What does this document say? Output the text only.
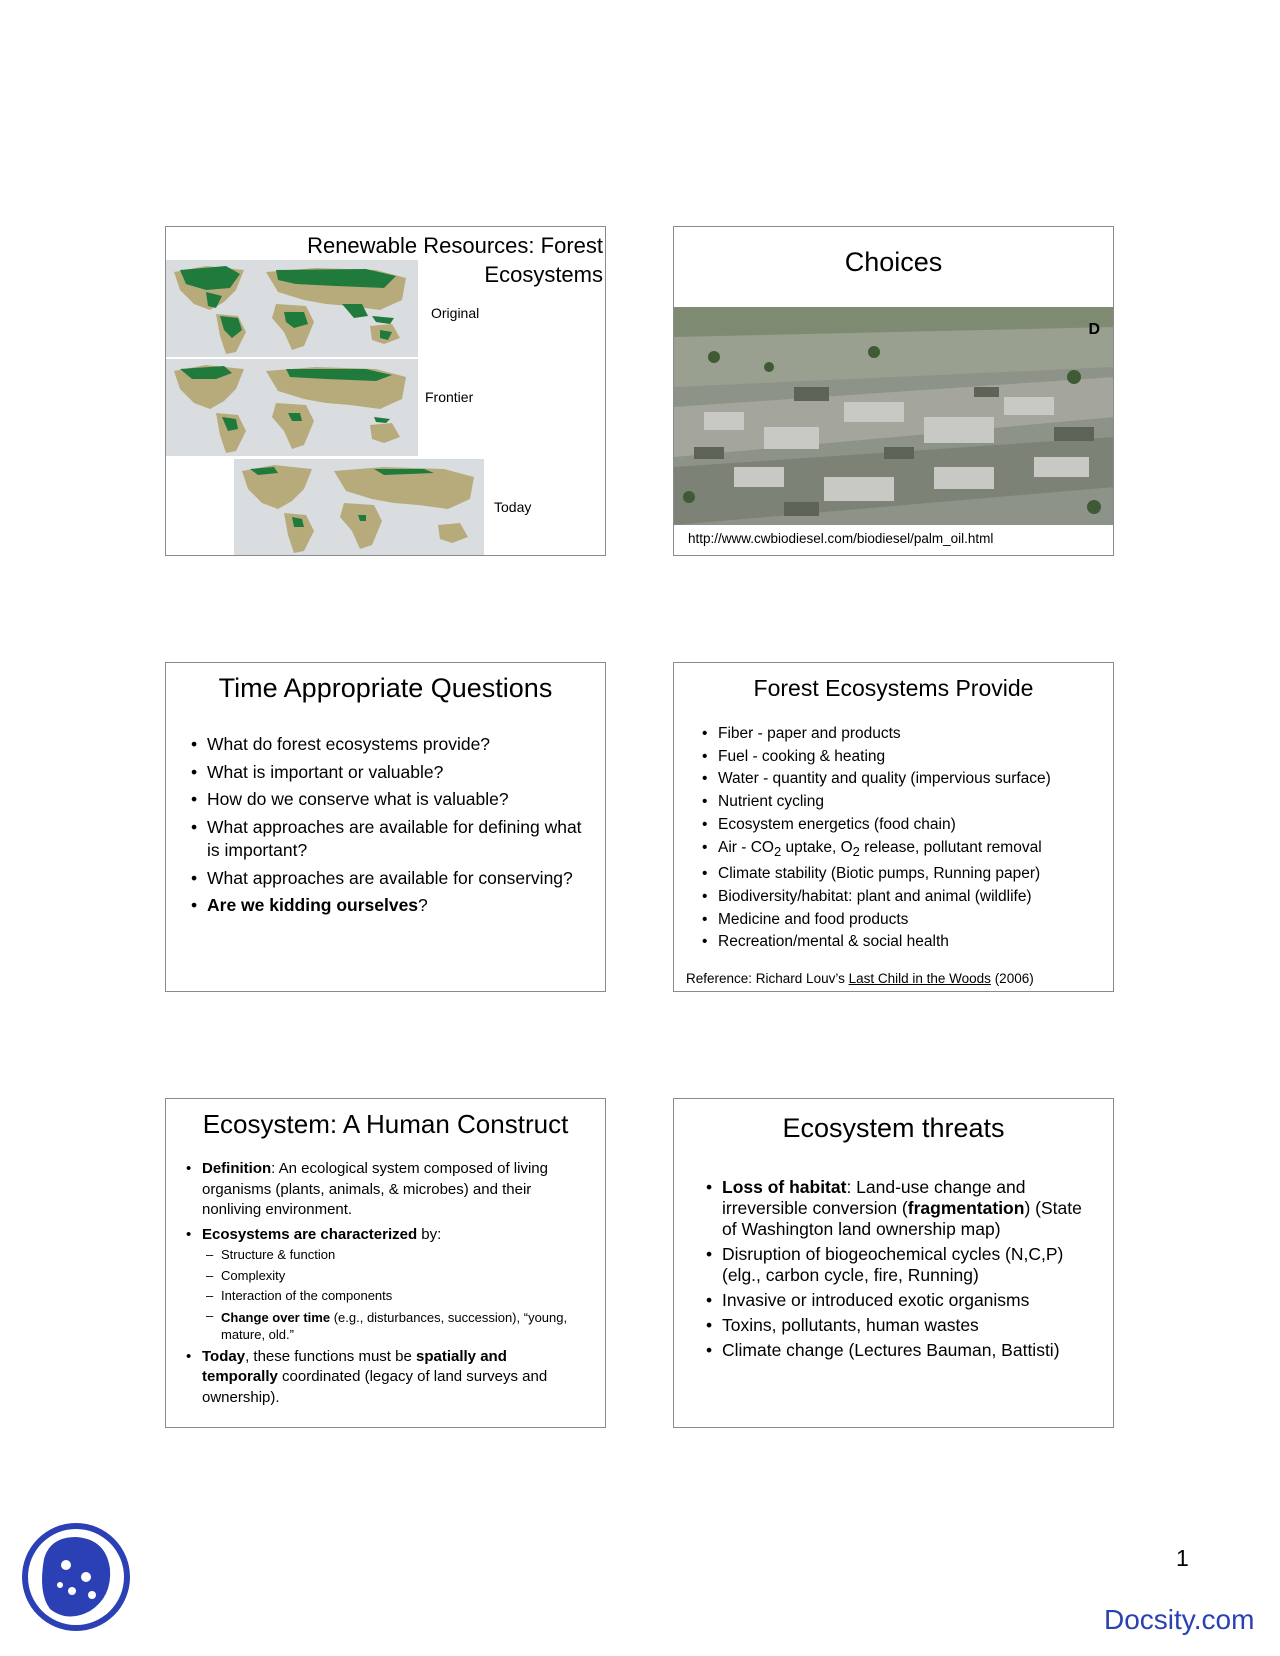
Renewable Resources: Forest
Ecosystems
Original
Frontier
Today
Choices
D
http://www.cwbiodiesel.com/biodiesel/palm_oil.html
Time Appropriate Questions
• What do forest ecosystems provide?
• What is important or valuable?
• How do we conserve what is valuable?
• What approaches are available for defining what is important?
• What approaches are available for conserving?
• Are we kidding ourselves?
Forest Ecosystems Provide
• Fiber - paper and products
• Fuel - cooking & heating
• Water - quantity and quality (impervious surface)
• Nutrient cycling
• Ecosystem energetics (food chain)
• Air - $CO_2$ uptake, $O_2$ release, pollutant removal
• Climate stability (Biotic pumps, Running paper)
• Biodiversity/habitat: plant and animal (wildlife)
• Medicine and food products
• Recreation/mental & social health
Reference: Richard Louv’s Last Child in the Woods (2006)
Ecosystem: A Human Construct
• Definition: An ecological system composed of living organisms (plants, animals, & microbes) and their nonliving environment.
• Ecosystems are characterized by:
– Structure & function
– Complexity
– Interaction of the components
– Change over time (e.g., disturbances, succession), “young, mature, old.”
• Today, these functions must be spatially and temporally coordinated (legacy of land surveys and ownership).
Ecosystem threats
• Loss of habitat: Land-use change and irreversible conversion (fragmentation) (State of Washington land ownership map)
• Disruption of biogeochemical cycles (N,C,P) (elg., carbon cycle, fire, Running)
• Invasive or introduced exotic organisms
• Toxins, pollutants, human wastes
• Climate change (Lectures Bauman, Battisti)
1
Docsity.com
